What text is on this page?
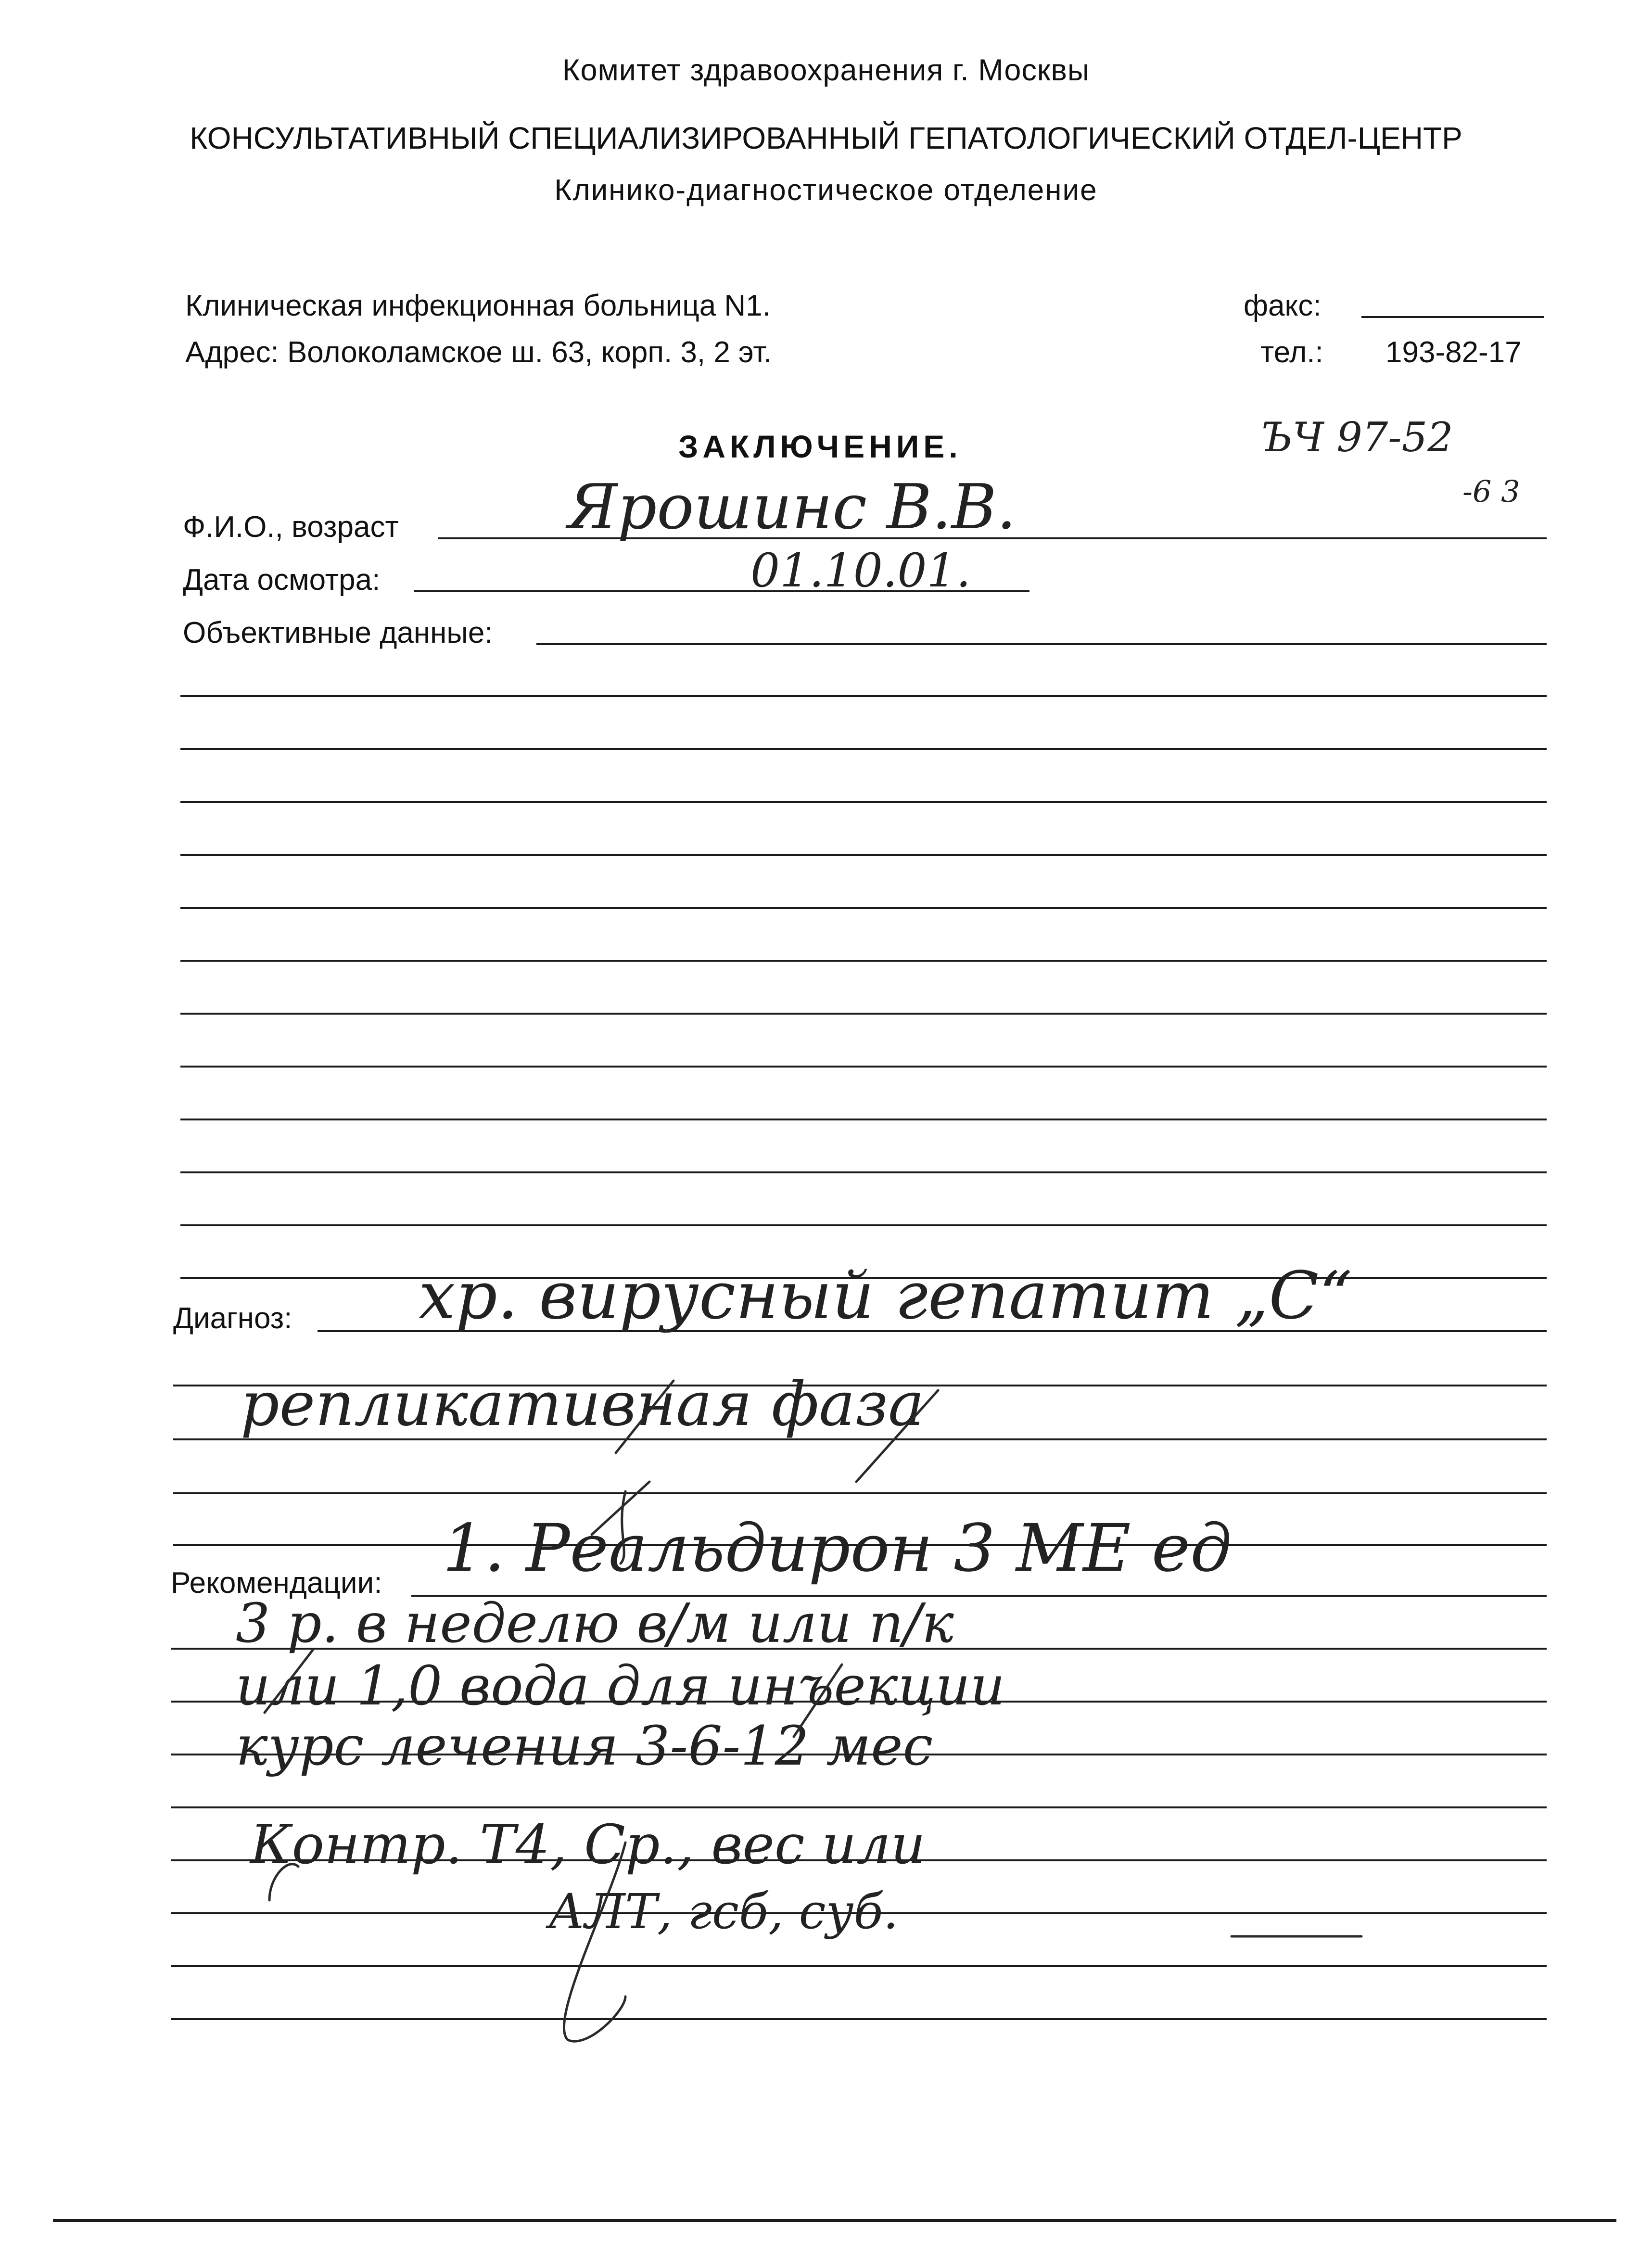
Комитет здравоохранения г. Москвы
КОНСУЛЬТАТИВНЫЙ СПЕЦИАЛИЗИРОВАННЫЙ ГЕПАТОЛОГИЧЕСКИЙ ОТДЕЛ-ЦЕНТР
Клинико-диагностическое отделение
Клиническая инфекционная больница N1.
Адрес: Волоколамское ш. 63, корп. 3, 2 эт.
факс:
тел.: 193-82-17
ЗАКЛЮЧЕНИЕ.	ЪЧ 97-52
-6 3
Ф.И.О., возраст	Ярошинс В.В.
Дата осмотра:	01.10.01.
Объективные данные:
Диагноз: хр. вирусный гепатит „С“
репликативная фаза
Рекомендации: 1. Реальдирон 3 МЕ ед
3 р. в неделю в/м или п/к
или 1,0 вода для инъекции
курс лечения 3-6-12 мес
Контр. Т4, Ср., вес или
АЛТ, гсб, суб.
